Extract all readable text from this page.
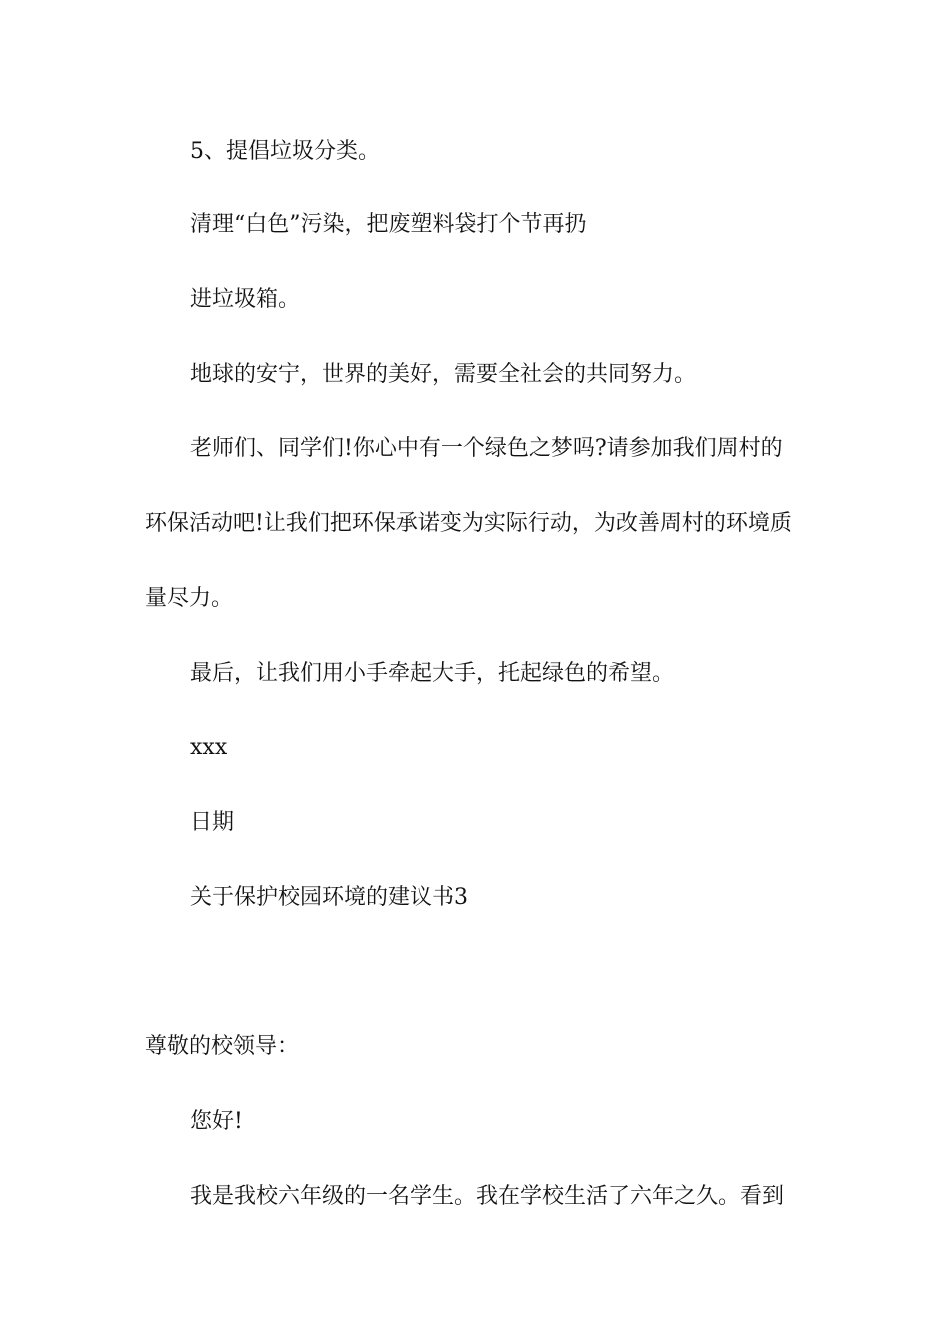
5、提倡垃圾分类。
清理“白色”污染，把废塑料袋打个节再扔
进垃圾箱。
地球的安宁，世界的美好，需要全社会的共同努力。
老师们、同学们!你心中有一个绿色之梦吗?请参加我们周村的
环保活动吧!让我们把环保承诺变为实际行动，为改善周村的环境质
量尽力。
最后，让我们用小手牵起大手，托起绿色的希望。
xxx
日期
关于保护校园环境的建议书3
尊敬的校领导：
您好!
我是我校六年级的一名学生。我在学校生活了六年之久。看到
